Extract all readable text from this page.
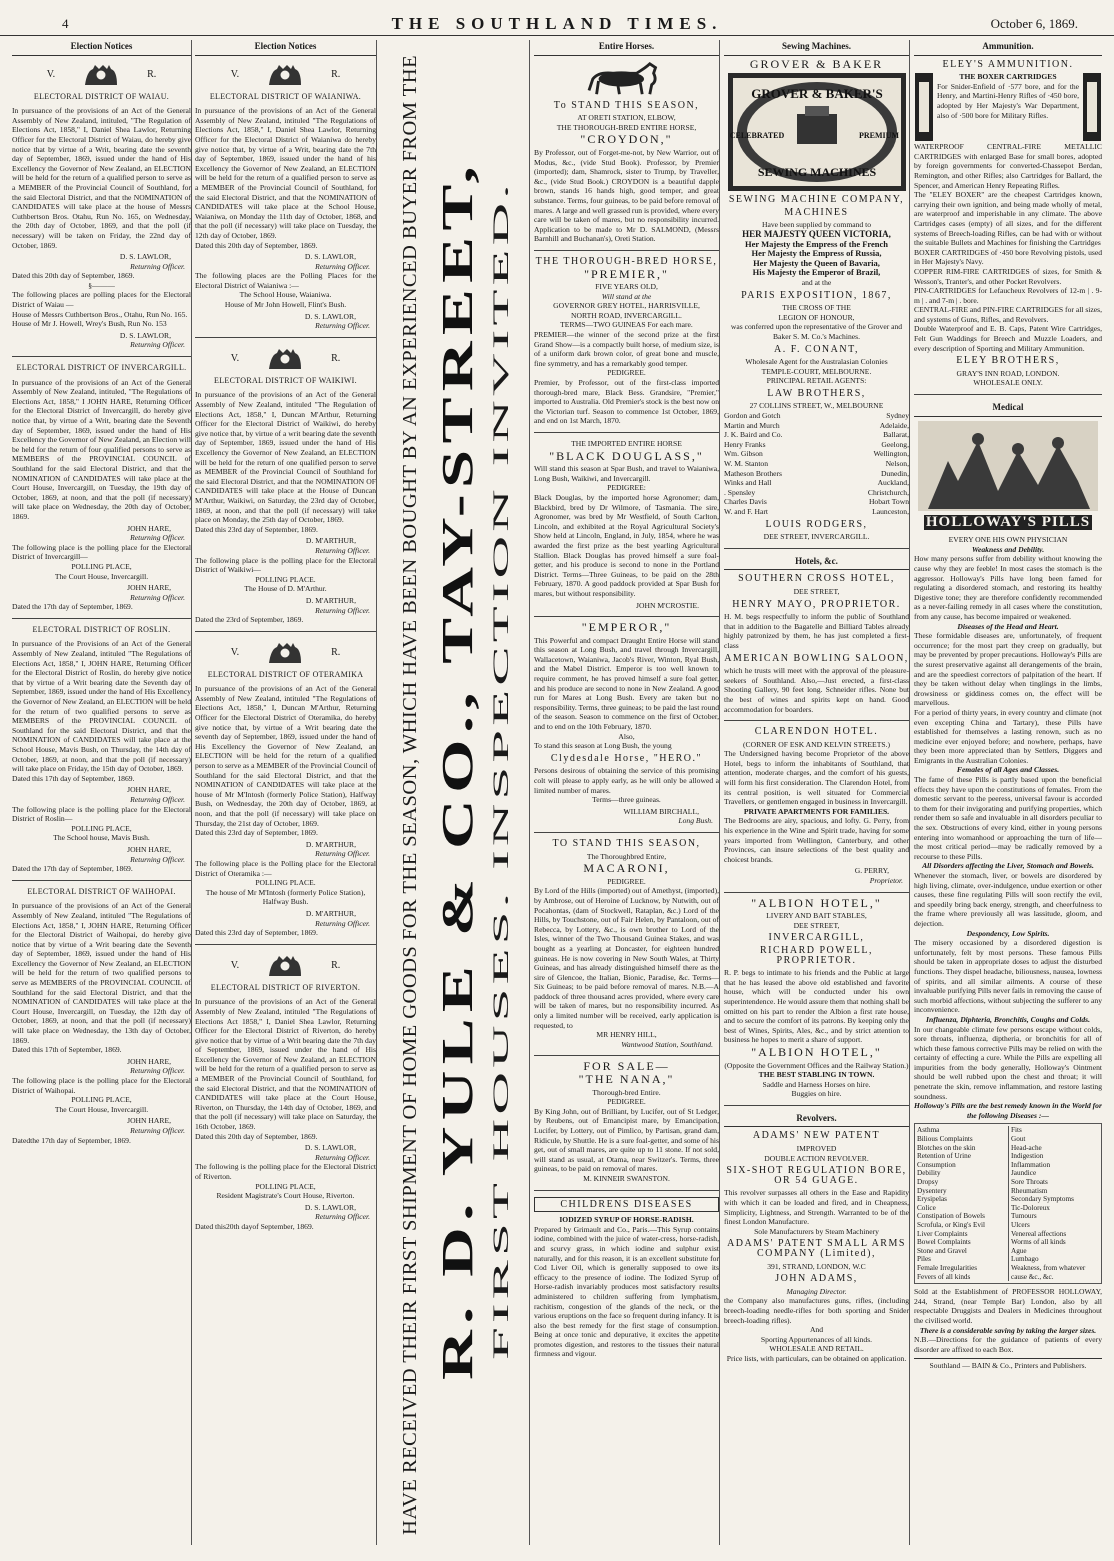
4	THE SOUTHLAND TIMES.	October 6, 1869.
Election Notices
V.	R.
ELECTORAL DISTRICT OF WAIAU.

In pursuance of the provisions of an Act of the General Assembly of New Zealand, intituled, "The Regulation of Elections Act, 1858," I, Daniel Shea Lawlor, Returning Officer for the Electoral District of Waiau, do hereby give notice that by virtue of a Writ, bearing date the seventh day of September, 1869, issued under the hand of His Excellency the Governor of New Zealand, an ELECTION will be held for the return of a qualified person to serve as a MEMBER of the Provincial Council of Southland, for the said Electoral District, and that the NOMINATION of CANDIDATES will take place at the house of Messrs Cuthbertson Bros. Otahu, Run No. 165, on Wednesday, the 20th day of October, 1869, and that the poll (if necessary) will be taken on Friday, the 22nd day of October, 1869.

D. S. LAWLOR,
Returning Officer.
Dated this 20th day of September, 1869.
§———

The following places are polling places for the Electoral District of Waiau —

House of Messrs Cuthbertson Bros., Otahu, Run No. 165.
House of Mr J. Howell, Wrey's Bush, Run No. 153
D. S. LAWLOR,
Returning Officer.
ELECTORAL DISTRICT OF INVERCARGILL.

In pursuance of the provisions of an Act of the General Assembly of New Zealand, intituled, "The Regulations of Elections Act, 1858," I JOHN HARE, Returning Officer for the Electoral District of Invercargill, do hereby give notice that, by virtue of a Writ, bearing date the Seventh day of September, 1869, issued under the hand of His Excellency the Governor of New Zealand, an Election will be held for the return of four qualified persons to serve as MEMBERS of the PROVINCIAL COUNCIL of Southland for the said Electoral District, and that the NOMINATION of CANDIDATES will take place at the Court House, Invercargill, on Tuesday, the 19th day of October, 1869, at noon, and that the poll (if necessary) will take place on Wednesday, the 20th day of October, 1869.

JOHN HARE,
Returning Officer.

The following place is the polling place for the Electoral District of Invercargill—

POLLING PLACE,
The Court House, Invercargill.
JOHN HARE,
Returning Officer.
Dated the 17th day of September, 1869.
ELECTORAL DISTRICT OF ROSLIN.

In pursuance of the Provisions of an Act of the General Assembly of New Zealand, intituled "The Regulations of Elections Act, 1858," I, JOHN HARE, Returning Officer for the Electoral District of Roslin, do hereby give notice that by virtue of a Writ bearing date the Seventh day of September, 1869, issued under the hand of His Excellency the Governor of New Zealand, an ELECTION will be held for the return of two qualified persons to serve as MEMBERS of the PROVINCIAL COUNCIL of Southland for the said Electoral District, and that the NOMINATION of CANDIDATES will take place at the School House, Mavis Bush, on Thursday, the 14th day of October, 1869, at noon, and that the poll (if necessary) will take place on Friday, the 15th day of October, 1869.

Dated this 17th day of September, 1869.
JOHN HARE,
Returning Officer.

The following place is the polling place for the Electoral District of Roslin—

POLLING PLACE,
The School house, Mavis Bush.
JOHN HARE,
Returning Officer.
Dated the 17th day of September, 1869.
ELECTORAL DISTRICT OF WAIHOPAI.

In pursuance of the provisions of an Act of the General Assembly of New Zealand, intituled "The Regulations of Elections Act, 1858," I, JOHN HARE, Returning Officer for the Electoral District of Waihopai, do hereby give notice that by virtue of a Writ bearing date the Seventh day of September, 1869, issued under the hand of His Excellency the Governor of New Zealand, an ELECTION will be held for the return of two qualified persons to serve as MEMBERS of the PROVINCIAL COUNCIL of Southland for the said Electoral District, and that the NOMINATION of CANDIDATES will take place at the Court House, Invercargill, on Tuesday, the 12th day of October, 1869, at noon, and that the poll (if necessary) will take place on Wednesday, the 13th day of October, 1869.

Dated this 17th of September, 1869.
JOHN HARE,
Returning Officer.

The following place is the polling place for the Electoral District of Waihopai.

POLLING PLACE,
The Court House, Invercargill.
JOHN HARE,
Returning Officer.
Datedthe 17th day of September, 1869.
Election Notices
V.	R.
ELECTORAL DISTRICT OF WAIANIWA.

In pursuance of the provisions of an Act of the General Assembly of New Zealand, intituled "The Regulations of Elections Act, 1858," I, Daniel Shea Lawlor, Returning Officer for the Electoral District of Waianiwa do hereby give notice that, by virtue of a Writ, bearing date the 7th day of September, 1869, issued under the hand of his Excellency the Governor of New Zealand, an ELECTION will be held for the return of a qualified person to serve as a MEMBER of the Provincial Council of Southland, for the said Electoral District, and that the NOMINATION of CANDIDATES will take place at the School House, Waianiwa, on Monday the 11th day of October, 1868, and that the poll (if necessary) will take place on Tuesday, the 12th day of October, 1869.

Dated this 20th day of September, 1869.
D. S. LAWLOR,
Returning Officer.

The following places are the Polling Places for the Electoral District of Waianiwa :—

The School House, Waianiwa.
House of Mr John Howell, Flint's Bush.
D. S. LAWLOR,
Returning Officer.
V.	R.
ELECTORAL DISTRICT OF WAIKIWI.

In pursuance of the provisions of an Act of the General Assembly of New Zealand, intituled "The Regulation of Elections Act, 1858," I, Duncan M'Arthur, Returning Officer for the Electoral District of Waikiwi, do hereby give notice that, by virtue of a writ bearing date the seventh day of September, 1869, issued under the hand of His Excellency the Governor of New Zealand, an ELECTION will be held for the return of one qualified person to serve as MEMBER of the Provincial Council of Southland for the said Electoral District, and that the NOMINATION OF CANDIDATES will take place at the House of Duncan M'Arthur, Waikiwi, on Saturday, the 23rd day of October, 1869, at noon, and that the poll (if necessary) will take place on Monday, the 25th day of October, 1869.

Dated this 23rd day of September, 1869.
D. M'ARTHUR,
Returning Officer.

The following place is the polling place for the Electoral District of Waikiwi—

POLLING PLACE.
The House of D. M'Arthur.
D. M'ARTHUR,
Returning Officer.
Dated the 23rd of September, 1869.
V.	R.
ELECTORAL DISTRICT OF OTERAMIKA

In pursuance of the provisions of an Act of the General Assembly of New Zealand, intituled "The Regulations of Elections Act, 1858," I, Duncan M'Arthur, Returning Officer for the Electoral District of Oteramika, do hereby give notice that, by virtue of a Writ bearing date the seventh day of September, 1869, issued under the hand of His Excellency the Governor of New Zealand, an ELECTION will be held for the return of a qualified person to serve as a MEMBER of the Provincial Council of Southland for the said Electoral District, and that the NOMINATION of CANDIDATES will take place at the house of Mr M'Intosh (formerly Police Station), Halfway Bush, on Wednesday, the 20th day of October, 1869, at noon, and that the poll (if necessary) will take place on Thursday, the 21st day of October, 1869.

Dated this 23rd day of September, 1869.
D. M'ARTHUR,
Returning Officer.

The following place is the Polling place for the Electoral District of Oteramika :—

POLLING PLACE.
The house of Mr M'Intosh (formerly Police Station), Halfway Bush.
D. M'ARTHUR,
Returning Officer.
Dated this 23rd day of September, 1869.
V.	R.
ELECTORAL DISTRICT OF RIVERTON.

In pursuance of the provisions of an Act of the General Assembly of New Zealand, intituled "The Regulations of Elections Act 1858," I, Daniel Shea Lawlor, Returning Officer for the Electoral District of Riverton, do hereby give notice that by virtue of a Writ bearing date the 7th day of September, 1869, issued under the hand of His Excellency the Governor of New Zealand, an ELECTION will be held for the return of a qualified person to serve as a MEMBER of the Provincial Council of Southland, for the said Electoral District, and that the NOMINATION of CANDIDATES will take place at the Court House, Riverton, on Thursday, the 14th day of October, 1869, and that the poll (if necessary) will take place on Saturday, the 16th October, 1869.

Dated this 20th day of September, 1869.
D. S. LAWLOR,
Returning Officer.

The following is the polling place for the Electoral District of Riverton.

POLLING PLACE,
Resident Magistrate's Court House, Riverton.
D. S. LAWLOR,
Returning Officer.
Dated this20th dayof September, 1869.	HAVE RECEIVED THEIR FIRST SHIPMENT OF HOME GOODS FOR THE SEASON, WHICH HAVE BEEN BOUGHT BY AN EXPERIENCED BUYER FROM THE R. D. YULE & CO., TAY-STREET, FIRST HOUSES. INSPECTION INVITED.
Entire Horses.
To STAND THIS SEASON,
AT ORETI STATION, ELBOW,
THE THOROUGH-BRED ENTIRE HORSE,
"CROYDON,"

By Professor, out of Forget-me-not, by New Warrior, out of Modus, &c., (vide Stud Book). Professor, by Premier (imported); dam, Shamrock, sister to Trump, by Traveller, &c., (vide Stud Book.) CROYDON is a beautiful dapple brown, stands 16 hands high, good temper, and great substance. Terms, four guineas, to be paid before removal of mares. A large and well grassed run is provided, where every care will be taken of mares, but no responsibility incurred. Application to be made to Mr D. SALMOND, (Messrs Barnhill and Buchanan's), Oreti Station.

THE THOROUGH-BRED HORSE,
"PREMIER,"
FIVE YEARS OLD,
Will stand at the
GOVERNOR GREY HOTEL, HARRISVILLE,
NORTH ROAD, INVERCARGILL.
TERMS—TWO GUINEAS For each mare.

PREMIER—the winner of the second prize at the first Grand Show—is a compactly built horse, of medium size, is of a uniform dark brown color, of great bone and muscle, fine symmetry, and has a remarkably good temper.

PEDIGREE.

Premier, by Professor, out of the first-class imported thorough-bred mare, Black Bess. Grandsire, "Premier," imported to Australia. Old Premier's stock is the best now on the Victorian turf. Season to commence 1st October, 1869, and end on 1st March, 1870.

THE IMPORTED ENTIRE HORSE
"BLACK DOUGLASS,"

Will stand this season at Spar Bush, and travel to Waianiwa, Long Bush, Waikiwi, and Invercargill.

PEDIGREE:

Black Douglas, by the imported horse Agronomer; dam, Blackbird, bred by Dr Wilmore, of Tasmania. The sire, Agronomer, was bred by Mr Westfield, of South Carlton, Lincoln, and exhibited at the Royal Agricultural Society's Show held at Lincoln, England, in July, 1854, where he was awarded the first prize as the best yearling Agricultural Stallion. Black Douglas has proved himself a sure foal-getter, and his produce is second to none in the Portland District. Terms—Three Guineas, to be paid on the 28th February, 1870. A good paddock provided at Spar Bush for mares, but without responsibility.

JOHN M'CROSTIE.
"EMPEROR,"

This Powerful and compact Draught Entire Horse will stand this season at Long Bush, and travel through Invercargill, Wallacetown, Waianiwa, Jacob's River, Winton, Ryal Bush, and the Mabel District. Emperor is too well known to require comment, he has proved himself a sure foal getter, and his produce are second to none in New Zealand. A good run for Mares at Long Bush. Every are taken but no responsibility. Terms, three guineas; to be paid the last round of the season. Season to commence on the first of October, and to end on the 10th February, 1870.

Also,

To stand this season at Long Bush, the young

Clydesdale Horse, "HERO."

Persons desirous of obtaining the service of this promising colt will please to apply early, as he will only be allowed a limited number of mares.

Terms—three guineas.
WILLIAM BIRCHALL,
Long Bush.
TO STAND THIS SEASON,
The Thoroughbred Entire,
MACARONI,
PEDIGREE.

By Lord of the Hills (imported) out of Amethyst, (imported), by Ambrose, out of Heroine of Lucknow, by Nutwith, out of Pocahontas, (dam of Stockwell, Rataplan, &c.) Lord of the Hills, by Touchstone, out of Fair Helen, by Pantaloon, out of Rebecca, by Lottery, &c., is own brother to Lord of the Isles, winner of the Two Thousand Guinea Stakes, and was bought as a yearling at Doncaster, for eighteen hundred guineas. He is now covering in New South Wales, at Thirty Guineas, and has already distinguished himself there as the sire of Glencoe, the Italian, Bionic, Paradise, &c. Terms—Six Guineas; to be paid before removal of mares. N.B.—A paddock of three thousand acres provided, where every care will be taken of mares, but no responsibility incurred. As only a limited number will be received, early application is requested, to

MR HENRY HILL,
Wantwood Station, Southland.
FOR SALE—
"THE NANA,"
Thorough-bred Entire.
PEDIGREE.

By King John, out of Brilliant, by Lucifer, out of St Ledger, by Reubens, out of Emancipist mare, by Emancipation, Lucifer, by Lottery, out of Pimlico, by Partisan, grand dam, Ridicule, by Shuttle. He is a sure foal-getter, and some of his get, out of small mares, are quite up to 11 stone. If not sold, will stand as usual, at Otama, near Switzer's. Terms, three guineas, to be paid on removal of mares.

M. KINNEIR SWANSTON.
CHILDRENS DISEASES
IODIZED SYRUP OF HORSE-RADISH.

Prepared by Grimault and Co., Paris.—This Syrup contains iodine, combined with the juice of water-cress, horse-radish, and scurvy grass, in which iodine and sulphur exist naturally, and for this reason, it is an excellent substitute for Cod Liver Oil, which is generally supposed to owe its efficacy to the presence of iodine. The Iodized Syrup of Horse-radish invariably produces most satisfactory results administered to children suffering from lymphatism, rachitism, congestion of the glands of the neck, or the various eruptions on the face so frequent during infancy. It is also the best remedy for the first stage of consumption. Being at once tonic and depurative, it excites the appetite promotes digestion, and restores to the tissues their natural firmness and vigour.

Sewing Machines.
GROVER & BAKER
GROVER & BAKER'S
CELEBRATED	PREMIUM
SEWING MACHINES
SEWING MACHINE COMPANY,
MACHINES
Have been supplied by command to
HER MAJESTY QUEEN VICTORIA,
Her Majesty the Empress of the French
Her Majesty the Empress of Russia,
Her Majesty the Queen of Bavaria,
His Majesty the Emperor of Brazil,
and at the
PARIS EXPOSITION, 1867,
THE CROSS OF THE
LEGION OF HONOUR,
was conferred upon the representative of the Grover and Baker S. M. Co.'s Machines.
A. F. CONANT,
Wholesale Agent for the Australasian Colonies
TEMPLE-COURT, MELBOURNE.
PRINCIPAL RETAIL AGENTS:
LAW BROTHERS,
27 COLLINS STREET, W., MELBOURNE
Gordon and Gotch	Sydney
Martin and Murch	Adelaide,
J. K. Baird and Co.	Ballarat,
Henry Franks	Geelong,
Wm. Gibson	Wellington,
W. M. Stanton	Nelson,
Matheson Brothers	Dunedin,
Winks and Hall	Auckland,
. Spensley	Christchurch,
Charles Davis	Hobart Town
W. and F. Hart	Launceston,
LOUIS RODGERS,
DEE STREET, INVERCARGILL.
Hotels, &c.
SOUTHERN CROSS HOTEL,
DEE STREET,
HENRY MAYO, PROPRIETOR.

H. M. begs respectfully to inform the public of Southland that in addition to the Bagatelle and Billiard Tables already highly patronized by them, he has just completed a first-class

AMERICAN BOWLING SALOON,

which he trusts will meet with the approval of the pleasure-seekers of Southland. Also,—Just erected, a first-class Shooting Gallery, 90 feet long. Schneider rifles. None but the best of wines and spirits kept on hand. Good accommodation for boarders.

CLARENDON HOTEL.
(CORNER OF ESK AND KELVIN STREETS.)

The Undersigned having become Proprietor of the above Hotel, begs to inform the inhabitants of Southland, that attention, moderate charges, and the comfort of his guests, will form his first consideration. The Clarendon Hotel, from its central position, is well situated for Commercial Travellers, or gentlemen engaged in business in Invercargill.

PRIVATE APARTMENTS FOR FAMILIES.

The Bedrooms are airy, spacious, and lofty. G. Perry, from his experience in the Wine and Spirit trade, having for some years imported from Wellington, Canterbury, and other Provinces, can insure selections of the best quality and choicest brands.

G. PERRY,
Proprietor.
"ALBION HOTEL,"
LIVERY AND BAIT STABLES,
DEE STREET,
INVERCARGILL,
RICHARD POWELL, PROPRIETOR.

R. P. begs to intimate to his friends and the Public at large that he has leased the above old established and favorite house, which will be conducted under his own superintendence. He would assure them that nothing shall be omitted on his part to render the Albion a first rate house, and to secure the comfort of its patrons. By keeping only the best of Wines, Spirits, Ales, &c., and by strict attention to business he hopes to merit a share of support.

"ALBION HOTEL,"
(Opposite the Government Offices and the Railway Station.)
THE BEST STABLING IN TOWN.
Saddle and Harness Horses on hire.
Buggies on hire.
Revolvers.
ADAMS' NEW PATENT
IMPROVED
DOUBLE ACTION REVOLVER.
SIX-SHOT REGULATION BORE, OR 54 GUAGE.

This revolver surpasses all others in the Ease and Rapidity with which it can be loaded and fired, and in Cheapness, Simplicity, Lightness, and Strength. Warranted to be of the finest London Manufacture.

Sole Manufacturers by Steam Machinery
ADAMS' PATENT SMALL ARMS COMPANY (Limited),
391, STRAND, LONDON, W.C
JOHN ADAMS,
Managing Director.

the Company also manufactures guns, rifles, (including breech-loading needle-rifles for both sporting and Snider breech-loading rifles).

And
Sporting Appurtenances of all kinds.
WHOLESALE AND RETAIL.
Price lists, with particulars, can be obtained on application.
Ammunition.
ELEY'S AMMUNITION.
THE BOXER CARTRIDGES

For Snider-Enfield of ·577 bore, and for the Henry, and Martini-Henry Rifles of ·450 bore, adopted by Her Majesty's War Department, also of ·500 bore for Military Rifles.

WATERPROOF CENTRAL-FIRE METALLIC CARTRIDGES with enlarged Base for small bores, adopted by foreign governments for converted-Chassepot Berdan, Remington, and other Rifles; also Cartridges for Ballard, the Spencer, and American Henry Repeating Rifles.

The "ELEY BOXER" are the cheapest Cartridges known, carrying their own ignition, and being made wholly of metal, are waterproof and imperishable in any climate. The above Cartridges cases (empty) of all sizes, and for the different systems of Breech-loading Rifles, can be had with or without the suitable Bullets and Machines for finishing the Cartridges

BOXER CARTRIDGES of ·450 bore Revolving pistols, used in Her Majesty's Navy.

COPPER RIM-FIRE CARTRIDGES of sizes, for Smith & Wesson's, Tranter's, and other Pocket Revolvers.

PIN-CARTRIDGES for Lefaucheux Revolvers of 12-m | . 9-m | . and 7-m | . bore.

CENTRAL-FIRE and PIN-FIRE CARTRIDGES for all sizes, and systems of Guns, Rifles, and Revolvers.

Double Waterproof and E. B. Caps, Patent Wire Cartridges, Felt Gun Waddings for Breech and Muzzle Loaders, and every description of Sporting and Military Ammunition.

ELEY BROTHERS,
GRAY'S INN ROAD, LONDON.
WHOLESALE ONLY.
Medical
HOLLOWAY'S PILLS
EVERY ONE HIS OWN PHYSICIAN
Weakness and Debility.

How many persons suffer from debility without knowing the cause why they are feeble! In most cases the stomach is the aggressor. Holloway's Pills have long been famed for regulating a disordered stomach, and restoring its healthy Digestive tone; they are therefore confidently recommended as a never-failing remedy in all cases where the constitution, from any cause, has become impaired or weakened.

Diseases of the Head and Heart.

These formidable diseases are, unfortunately, of frequent occurrence; for the most part they creep on gradually, but may be prevented by proper precautions. Holloway's Pills are the surest preservative against all derangements of the brain, and are the speediest correctors of palpitation of the heart. If they be taken without delay when tinglings in the limbs, drowsiness or giddiness comes on, the effect will be marvellous.

For a period of thirty years, in every country and climate (not even excepting China and Tartary), these Pills have established for themselves a lasting renown, such as no medicine ever enjoyed before; and nowhere, perhaps, have they been more appreciated than by Settlers, Diggers and Emigrants in the Australian Colonies.

Females of all Ages and Classes.

The fame of these Pills is partly based upon the beneficial effects they have upon the constitutions of females. From the domestic servant to the peeress, universal favour is accorded to them for their invigorating and purifying properties, which render them so safe and invaluable in all disorders peculiar to the sex. Obstructions of every kind, either in young persons entering into womanhood or approaching the turn of life—the most critical period—may be radically removed by a recourse to these Pills.

All Disorders affecting the Liver, Stomach and Bowels.

Whenever the stomach, liver, or bowels are disordered by high living, climate, over-indulgence, undue exertion or other causes, these fine regulating Pills will soon rectify the evil, and speedily bring back energy, strength, and cheerfulness to the frame where previously all was lassitude, gloom, and dejection.

Despondency, Low Spirits.

The misery occasioned by a disordered digestion is unfortunately, felt by most persons. These famous Pills should be taken in appropriate doses to adjust the disturbed functions. They dispel headache, biliousness, nausea, lowness of spirits, and all similar ailments. A course of these invaluable purifying Pills never fails in removing the cause of such morbid affections, without subjecting the sufferer to any inconvenience.

Influenza, Diphteria, Bronchitis, Coughs and Colds.

In our changeable climate few persons escape without colds, sore throats, influenza, diptheria, or bronchitis for all of which these famous corrective Pills may be relied on with the certainty of effecting a cure. While the Pills are expelling all impurities from the body generally, Holloway's Ointment should be well rubbed upon the chest and throat; it will penetrate the skin, remove inflammation, and restore lasting soundness.

Holloway's Pills are the best remedy known in the World for the following Diseases :—
Asthma
Bilious Complaints
Blotches on the skin
Retention of Urine
Consumption
Debility
Dropsy
Dysentery
Erysipelas
Colice
Constipation of Bowels
Scrofula, or King's Evil
Liver Complaints
Bowel Complaints
Stone and Gravel
Piles
Female Irregularities
Fevers of all kinds
Fits
Gout
Head-ache
Indigestion
Inflammation
Jaundice
Sore Throats
Rheumatism
Secondary Symptoms
Tic-Doloreux
Tumours
Ulcers
Venereal affections
Worms of all kinds
Ague
Lumbago
Weakness, from whatever cause &c., &c.

Sold at the Establishment of PROFESSOR HOLLOWAY, 244, Strand, (near Temple Bar) London, also by all respectable Druggists and Dealers in Medicines throughout the civilised world.

There is a considerable saving by taking the larger sizes.

N.B.—Directions for the guidance of patients of every disorder are affixed to each Box.

Southland — BAIN & Co., Printers and Publishers.
